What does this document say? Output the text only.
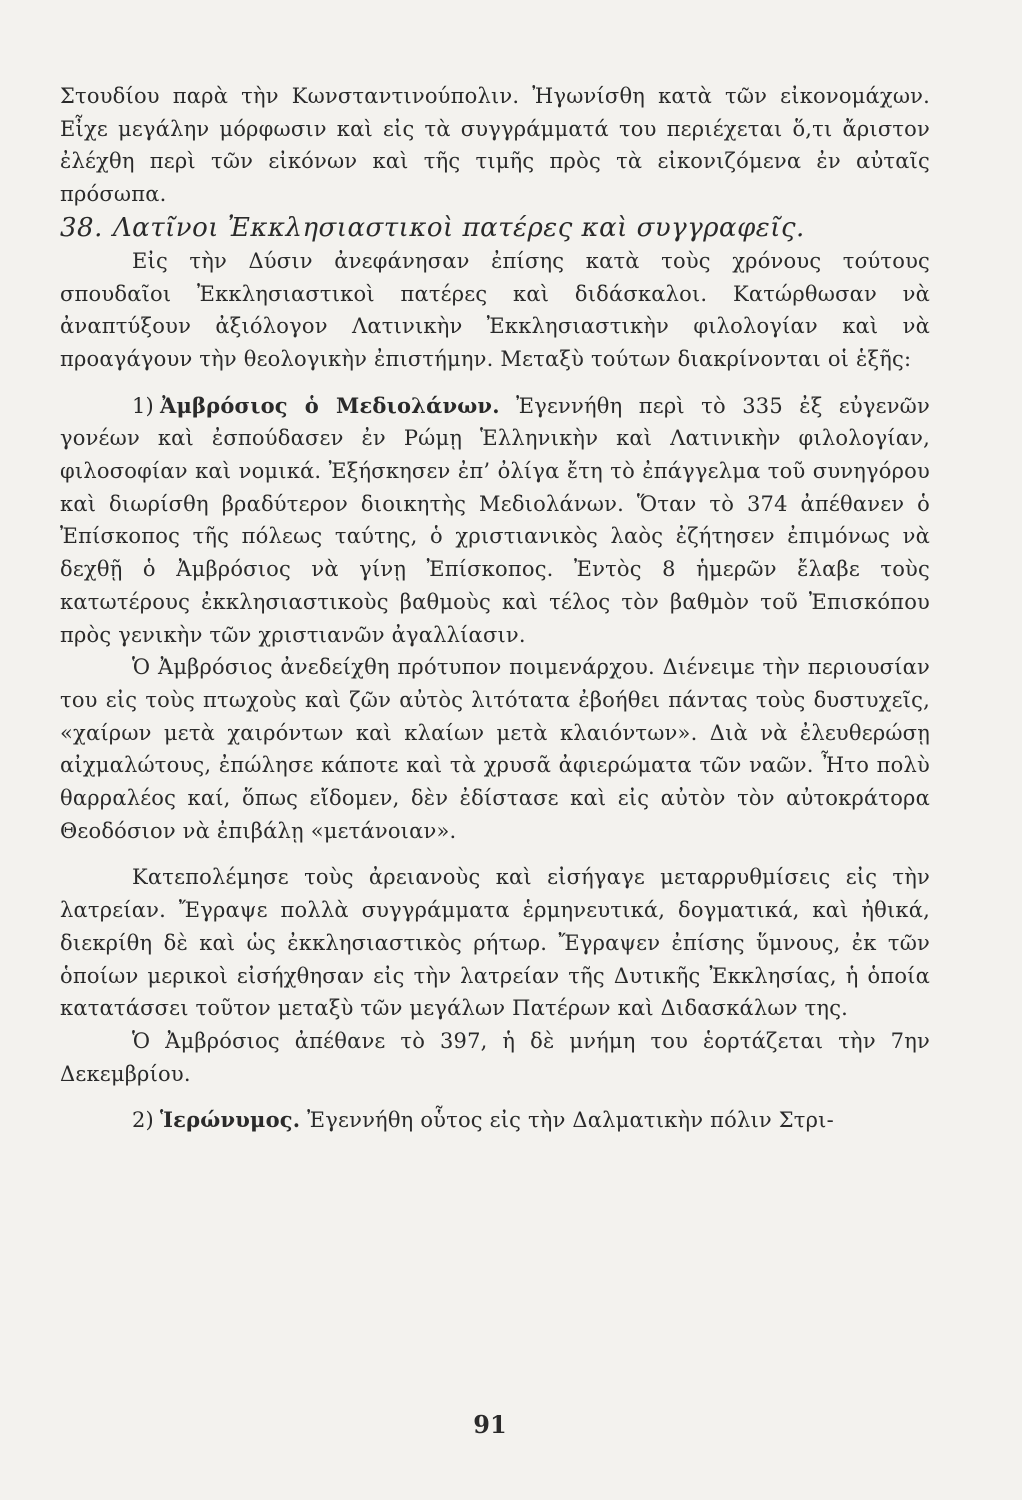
Στουδίου παρὰ τὴν Κωνσταντινούπολιν. Ἠγωνίσθη κατὰ τῶν εἰκονομάχων. Εἶχε μεγάλην μόρφωσιν καὶ εἰς τὰ συγγράμματά του περιέχεται ὅ,τι ἄριστον ἐλέχθη περὶ τῶν εἰκόνων καὶ τῆς τιμῆς πρὸς τὰ εἰκονιζόμενα ἐν αὐταῖς πρόσωπα.

38. Λατῖνοι Ἐκκλησιαστικοὶ πατέρες καὶ συγγραφεῖς.

Εἰς τὴν Δύσιν ἀνεφάνησαν ἐπίσης κατὰ τοὺς χρόνους τούτους σπουδαῖοι Ἐκκλησιαστικοὶ πατέρες καὶ διδάσκαλοι. Κατώρθωσαν νὰ ἀναπτύξουν ἀξιόλογον Λατινικὴν Ἐκκλησιαστικὴν φιλολογίαν καὶ νὰ προαγάγουν τὴν θεολογικὴν ἐπιστήμην. Μεταξὺ τούτων διακρίνονται οἱ ἑξῆς:

1) Ἀμβρόσιος ὁ Μεδιολάνων. Ἐγεννήθη περὶ τὸ 335 ἐξ εὐγενῶν γονέων καὶ ἐσπούδασεν ἐν Ρώμῃ Ἑλληνικὴν καὶ Λατινικὴν φιλολογίαν, φιλοσοφίαν καὶ νομικά. Ἐξήσκησεν ἐπ’ ὀλίγα ἔτη τὸ ἐπάγγελμα τοῦ συνηγόρου καὶ διωρίσθη βραδύτερον διοικητὴς Μεδιολάνων. Ὅταν τὸ 374 ἀπέθανεν ὁ Ἐπίσκοπος τῆς πόλεως ταύτης, ὁ χριστιανικὸς λαὸς ἐζήτησεν ἐπιμόνως νὰ δεχθῇ ὁ Ἀμβρόσιος νὰ γίνῃ Ἐπίσκοπος. Ἐντὸς 8 ἡμερῶν ἔλαβε τοὺς κατωτέρους ἐκκλησιαστικοὺς βαθμοὺς καὶ τέλος τὸν βαθμὸν τοῦ Ἐπισκόπου πρὸς γενικὴν τῶν χριστιανῶν ἀγαλλίασιν.

Ὁ Ἀμβρόσιος ἀνεδείχθη πρότυπον ποιμενάρχου. Διένειμε τὴν περιουσίαν του εἰς τοὺς πτωχοὺς καὶ ζῶν αὐτὸς λιτότατα ἐβοήθει πάντας τοὺς δυστυχεῖς, «χαίρων μετὰ χαιρόντων καὶ κλαίων μετὰ κλαιόντων». Διὰ νὰ ἐλευθερώσῃ αἰχμαλώτους, ἐπώλησε κάποτε καὶ τὰ χρυσᾶ ἀφιερώματα τῶν ναῶν. Ἦτο πολὺ θαρραλέος καί, ὅπως εἴδομεν, δὲν ἐδίστασε καὶ εἰς αὐτὸν τὸν αὐτοκράτορα Θεοδόσιον νὰ ἐπιβάλῃ «μετάνοιαν».

Κατεπολέμησε τοὺς ἀρειανοὺς καὶ εἰσήγαγε μεταρρυθμίσεις εἰς τὴν λατρείαν. Ἔγραψε πολλὰ συγγράμματα ἑρμηνευτικά, δογματικά, καὶ ἠθικά, διεκρίθη δὲ καὶ ὡς ἐκκλησιαστικὸς ρήτωρ. Ἔγραψεν ἐπίσης ὕμνους, ἐκ τῶν ὁποίων μερικοὶ εἰσήχθησαν εἰς τὴν λατρείαν τῆς Δυτικῆς Ἐκκλησίας, ἡ ὁποία κατατάσσει τοῦτον μεταξὺ τῶν μεγάλων Πατέρων καὶ Διδασκάλων της.

Ὁ Ἀμβρόσιος ἀπέθανε τὸ 397, ἡ δὲ μνήμη του ἑορτάζεται τὴν 7ην Δεκεμβρίου.

2) Ἱερώνυμος. Ἐγεννήθη οὗτος εἰς τὴν Δαλματικὴν πόλιν Στρι-

91
